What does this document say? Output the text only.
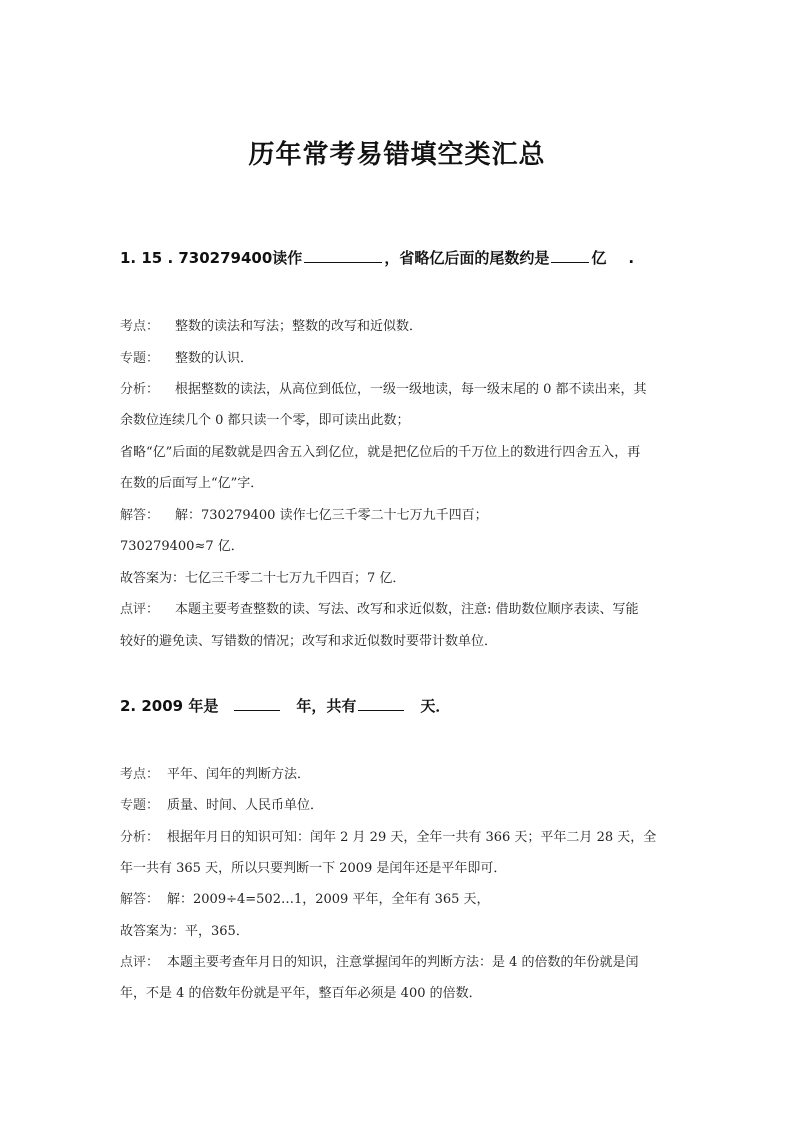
历年常考易错填空类汇总
1. 15 . 730279400读作	，省略亿后面的尾数约是	亿 .
考点： 整数的读法和写法；整数的改写和近似数．
专题： 整数的认识．
分析： 根据整数的读法，从高位到低位，一级一级地读，每一级末尾的 0 都不读出来，其
余数位连续几个 0 都只读一个零，即可读出此数；
省略“亿”后面的尾数就是四舍五入到亿位，就是把亿位后的千万位上的数进行四舍五入，再
在数的后面写上“亿”字．
解答： 解：730279400 读作七亿三千零二十七万九千四百；
730279400≈7 亿．
故答案为：七亿三千零二十七万九千四百；7 亿．
点评： 本题主要考查整数的读、写法、改写和求近似数，注意: 借助数位顺序表读、写能
较好的避免读、写错数的情况；改写和求近似数时要带计数单位．
2. 2009 年是	年，共有	天．
考点： 平年、闰年的判断方法．
专题： 质量、时间、人民币单位．
分析： 根据年月日的知识可知：闰年 2 月 29 天，全年一共有 366 天；平年二月 28 天，全
年一共有 365 天，所以只要判断一下 2009 是闰年还是平年即可．
解答： 解：2009÷4=502…1，2009 平年，全年有 365 天，
故答案为：平，365．
点评： 本题主要考查年月日的知识，注意掌握闰年的判断方法：是 4 的倍数的年份就是闰
年，不是 4 的倍数年份就是平年，整百年必须是 400 的倍数．
